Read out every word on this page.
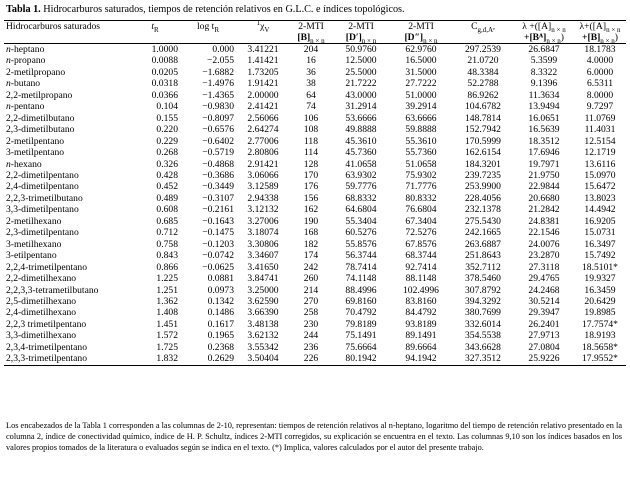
Tabla 1. Hidrocarburos saturados, tiempos de retención relativos en G.L.C. e índices topológicos.
Hidrocarburos saturados	$t_R$	$\log t_R$	$^1\chi_V$	2-MTI	2-MTI	2-MTI	$C_{g,d,Aᵉ}$	$\lambda +([A]_{n \times n}$	$\lambda+([A]_{n \times n}$
				$[B]_{n \times n}$	$[D']_{n \times n}$	$[D'']_{n \times n}$		$+[Bᴬ]_{n \times n}$)	$+[B]_{n \times n}$)
n-heptano	1.0000	0.000	3.41221	204	50.9760	62.9760	297.2539	26.6847	18.1783
n-propano	0.0088	−2.055	1.41421	16	12.5000	16.5000	21.0720	5.3599	4.0000
2-metilpropano	0.0205	−1.6882	1.73205	36	25.5000	31.5000	48.3384	8.3322	6.0000
n-butano	0.0318	−1.4976	1.91421	38	21.7222	27.7222	52.2788	9.1396	6.5311
2,2-metilpropano	0.0366	−1.4365	2.00000	64	43.0000	51.0000	86.9262	11.3634	8.0000
n-pentano	0.104	−0.9830	2.41421	74	31.2914	39.2914	104.6782	13.9494	9.7297
2,2-dimetilbutano	0.155	−0.8097	2.56066	106	53.6666	63.6666	148.7814	16.0651	11.0769
2,3-dimetilbutano	0.220	−0.6576	2.64274	108	49.8888	59.8888	152.7942	16.5639	11.4031
2-metilpentano	0.229	−0.6402	2.77006	118	45.3610	55.3610	170.5999	18.3512	12.5154
3-metilpentano	0.268	−0.5719	2.80806	114	45.7360	55.7360	162.6154	17.6946	12.1719
n-hexano	0.326	−0.4868	2.91421	128	41.0658	51.0658	184.3201	19.7971	13.6116
2,2-dimetilpentano	0.428	−0.3686	3.06066	170	63.9302	75.9302	239.7235	21.9750	15.0970
2,4-dimetilpentano	0.452	−0.3449	3.12589	176	59.7776	71.7776	253.9900	22.9844	15.6472
2,2,3-trimetilbutano	0.489	−0.3107	2.94338	156	68.8332	80.8332	228.4056	20.6680	13.8023
3,3-dimetilpentano	0.608	−0.2161	3.12132	162	64.6804	76.6804	232.1378	21.2842	14.4942
2-metilhexano	0.685	−0.1643	3.27006	190	55.3404	67.3404	275.5430	24.8381	16.9205
2,3-dimetilpentano	0.712	−0.1475	3.18074	168	60.5276	72.5276	242.1665	22.1546	15.0731
3-metilhexano	0.758	−0.1203	3.30806	182	55.8576	67.8576	263.6887	24.0076	16.3497
3-etilpentano	0.843	−0.0742	3.34607	174	56.3744	68.3744	251.8643	23.2870	15.7492
2,2,4-trimetilpentano	0.866	−0.0625	3.41650	242	78.7414	92.7414	352.7112	27.3118	18.5101*
2,2-dimetilhexano	1.225	0.0881	3.84741	260	74.1148	88.1148	378.5460	29.4765	19.9327
2,2,3,3-tetrametilbutano	1.251	0.0973	3.25000	214	88.4996	102.4996	307.8792	24.2468	16.3459
2,5-dimetilhexano	1.362	0.1342	3.62590	270	69.8160	83.8160	394.3292	30.5214	20.6429
2,4-dimetilhexano	1.408	0.1486	3.66390	258	70.4792	84.4792	380.7699	29.3947	19.8985
2,2,3 trimetilpentano	1.451	0.1617	3.48138	230	79.8189	93.8189	332.6014	26.2401	17.7574*
3,3-dimetilhexano	1.572	0.1965	3.62132	244	75.1491	89.1491	354.5538	27.9713	18.9193
2,3,4-trimetilpentano	1.725	0.2368	3.55342	236	75.6664	89.6664	343.6628	27.0804	18.5658*
2,3,3-trimetilpentano	1.832	0.2629	3.50404	226	80.1942	94.1942	327.3512	25.9226	17.9552*
Los encabezados de la Tabla 1 corresponden a las columnas de 2-10, representan: tiempos de retención relativos al n-heptano, logaritmo del tiempo de retención relativo presentado en la columna 2, índice de conectividad químico, índice de H. P. Schultz, índices 2-MTI corregidos, su explicación se encuentra en el texto. Las columnas 9,10 son los índices basados en los valores propios tomados de la literatura o evaluados según se indica en el texto. (*) Implica, valores calculados por el autor del presente trabajo.
